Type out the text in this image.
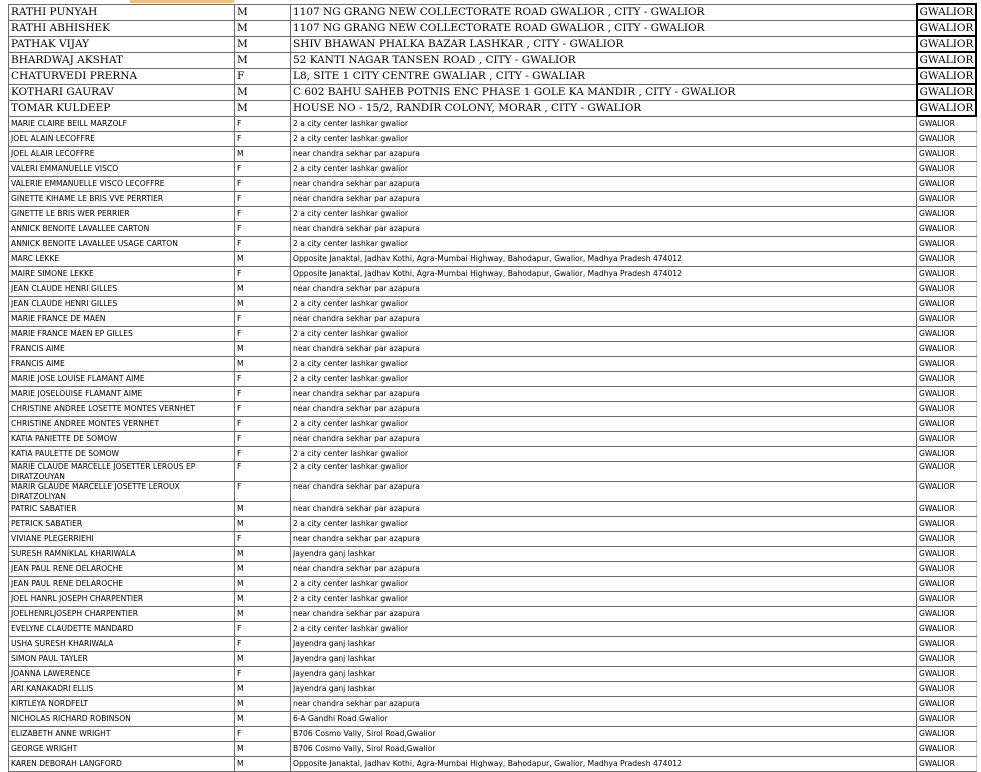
RATHI PUNYAH	M	1107 NG GRANG NEW COLLECTORATE ROAD GWALIOR , CITY - GWALIOR	GWALIOR
RATHI ABHISHEK	M	1107 NG GRANG NEW COLLECTORATE ROAD GWALIOR , CITY - GWALIOR	GWALIOR
PATHAK VIJAY	M	SHIV BHAWAN PHALKA BAZAR LASHKAR , CITY - GWALIOR	GWALIOR
BHARDWAJ AKSHAT	M	52 KANTI NAGAR TANSEN ROAD , CITY - GWALIOR	GWALIOR
CHATURVEDI PRERNA	F	L8, SITE 1 CITY CENTRE GWALIAR , CITY - GWALIAR	GWALIOR
KOTHARI GAURAV	M	C 602 BAHU SAHEB POTNIS ENC PHASE 1 GOLE KA MANDIR , CITY - GWALIOR	GWALIOR
TOMAR KULDEEP	M	HOUSE NO - 15/2, RANDIR COLONY, MORAR , CITY - GWALIOR	GWALIOR
MARIE CLAIRE BEILL MARZOLF	F	2 a city center lashkar gwalior	GWALIOR
JOEL ALAIN LECOFFRE	F	2 a city center lashkar gwalior	GWALIOR
JOEL ALAIR LECOFFRE	M	near chandra sekhar par azapura	GWALIOR
VALERI EMMANUELLE VISCO	F	2 a city center lashkar gwalior	GWALIOR
VALERIE EMMANUELLE VISCO LECOFFRE	F	near chandra sekhar par azapura	GWALIOR
GINETTE KIHAME LE BRIS VVE PERRTIER	F	near chandra sekhar par azapura	GWALIOR
GINETTE LE BRIS WER PERRIER	F	2 a city center lashkar gwalior	GWALIOR
ANNICK BENOITE LAVALLEE CARTON	F	near chandra sekhar par azapura	GWALIOR
ANNICK BENOITE LAVALLEE USAGE CARTON	F	2 a city center lashkar gwalior	GWALIOR
MARC LEKKE	M	Opposite Janaktal, Jadhav Kothi, Agra-Mumbai Highway, Bahodapur, Gwalior, Madhya Pradesh 474012	GWALIOR
MAIRE SIMONE LEKKE	F	Opposite Janaktal, Jadhav Kothi, Agra-Mumbai Highway, Bahodapur, Gwalior, Madhya Pradesh 474012	GWALIOR
JEAN CLAUDE HENRI GILLES	M	near chandra sekhar par azapura	GWALIOR
JEAN CLAUDE HENRI GILLES	M	2 a city center lashkar gwalior	GWALIOR
MARIE FRANCE DE MAEN	F	near chandra sekhar par azapura	GWALIOR
MARIE FRANCE MAEN EP GILLES	F	2 a city center lashkar gwalior	GWALIOR
FRANCIS AIME	M	near chandra sekhar par azapura	GWALIOR
FRANCIS AIME	M	2 a city center lashkar gwalior	GWALIOR
MARIE JOSE LOUISE FLAMANT AIME	F	2 a city center lashkar gwalior	GWALIOR
MARIE JOSELOUISE FLAMANT AIME	F	near chandra sekhar par azapura	GWALIOR
CHRISTINE ANDREE LOSETTE MONTES VERNHET	F	near chandra sekhar par azapura	GWALIOR
CHRISTINE ANDREE MONTES VERNHET	F	2 a city center lashkar gwalior	GWALIOR
KATIA PANIETTE DE SOMOW	F	near chandra sekhar par azapura	GWALIOR
KATIA PAULETTE DE SOMOW	F	2 a city center lashkar gwalior	GWALIOR
MARIE CLAUDE MARCELLE JOSETTER LEROUS EP DIRATZOUYAN	F	2 a city center lashkar gwalior	GWALIOR
MARIR GLAUDE MARCELLE JOSETTE LEROUX DIRATZOLIYAN	F	near chandra sekhar par azapura	GWALIOR
PATRIC SABATIER	M	near chandra sekhar par azapura	GWALIOR
PETRICK SABATIER	M	2 a city center lashkar gwalior	GWALIOR
VIVIANE PLEGERRIEHI	F	near chandra sekhar par azapura	GWALIOR
SURESH RAMNIKLAL KHARIWALA	M	Jayendra ganj lashkar	GWALIOR
JEAN PAUL RENE DELAROCHE	M	near chandra sekhar par azapura	GWALIOR
JEAN PAUL RENE DELAROCHE	M	2 a city center lashkar gwalior	GWALIOR
JOEL HANRL JOSEPH CHARPENTIER	M	2 a city center lashkar gwalior	GWALIOR
JOELHENRLJOSEPH CHARPENTIER	M	near chandra sekhar par azapura	GWALIOR
EVELYNE CLAUDETTE MANDARD	F	2 a city center lashkar gwalior	GWALIOR
USHA SURESH KHARIWALA	F	Jayendra ganj lashkar	GWALIOR
SIMON PAUL TAYLER	M	Jayendra ganj lashkar	GWALIOR
JOANNA LAWERENCE	F	Jayendra ganj lashkar	GWALIOR
ARI KANAKADRI ELLIS	M	Jayendra ganj lashkar	GWALIOR
KIRTLEYA NORDFELT	M	near chandra sekhar par azapura	GWALIOR
NICHOLAS RICHARD ROBINSON	M	6-A Gandhi Road Gwalior	GWALIOR
ELIZABETH ANNE WRIGHT	F	B706 Cosmo Vally, Sirol Road,Gwalior	GWALIOR
GEORGE WRIGHT	M	B706 Cosmo Vally, Sirol Road,Gwalior	GWALIOR
KAREN DEBORAH LANGFORD	M	Opposite Janaktal, Jadhav Kothi, Agra-Mumbai Highway, Bahodapur, Gwalior, Madhya Pradesh 474012	GWALIOR
